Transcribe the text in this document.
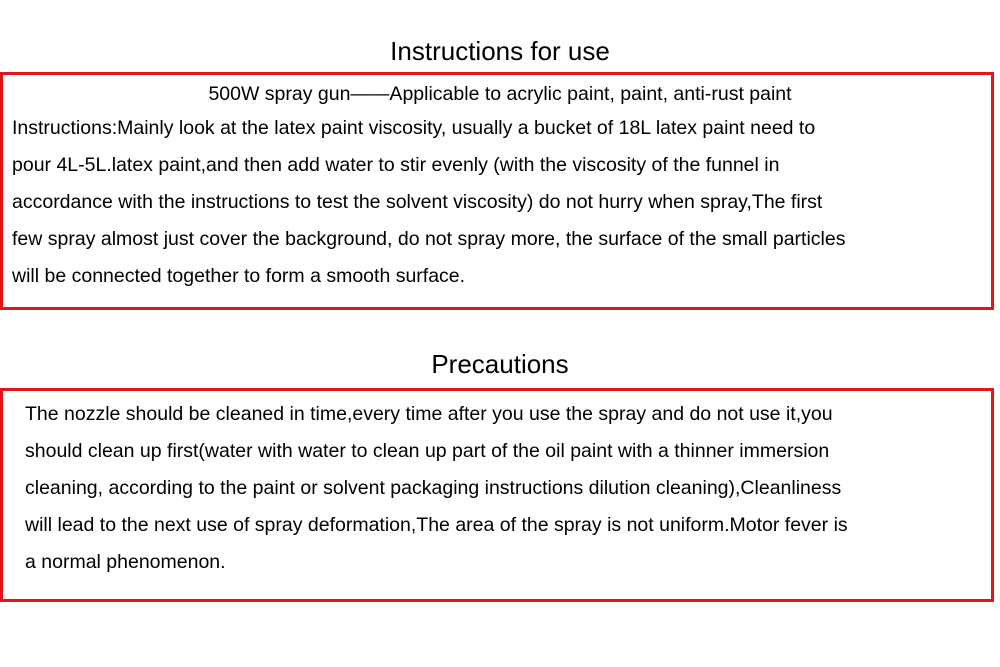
Instructions for use

500W spray gun——Applicable to acrylic paint, paint, anti-rust paint

Instructions:Mainly look at the latex paint viscosity, usually a bucket of 18L latex paint need to

pour 4L-5L.latex paint,and then add water to stir evenly (with the viscosity of the funnel in

accordance with the instructions to test the solvent viscosity) do not hurry when spray,The first

few spray almost just cover the background, do not spray more, the surface of the small particles

will be connected together to form a smooth surface.

Precautions

The nozzle should be cleaned in time,every time after you use the spray and do not use it,you

should clean up first(water with water to clean up part of the oil paint with a thinner immersion

cleaning, according to the paint or solvent packaging instructions dilution cleaning),Cleanliness

will lead to the next use of spray deformation,The area of the spray is not uniform.Motor fever is

a normal phenomenon.
